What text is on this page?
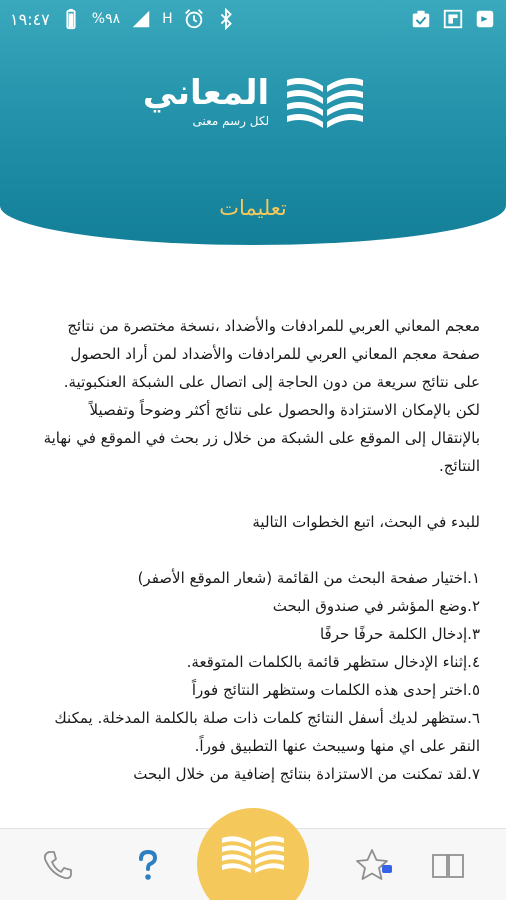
١٩:٤٧	%٩٨	H
المعاني
لكل رسم معنى
تعليمات

معجم المعاني العربي للمرادفات والأضداد ،نسخة مختصرة من نتائج صفحة معجم المعاني العربي للمرادفات والأضداد لمن أراد الحصول على نتائج سريعة من دون الحاجة إلى اتصال على الشبكة العنكبوتية. لكن بالإمكان الاستزادة والحصول على نتائج أكثر وضوحاً وتفصيلاً بالإنتقال إلى الموقع على الشبكة من خلال زر بحث في الموقع في نهاية النتائج.

للبدء في البحث، اتبع الخطوات التالية

١.اختيار صفحة البحث من القائمة (شعار الموقع الأصفر)

٢.وضع المؤشر في صندوق البحث

٣.إدخال الكلمة حرفًا حرفًا

٤.إثناء الإدخال ستظهر قائمة بالكلمات المتوقعة.

٥.اختر إحدى هذه الكلمات وستظهر النتائج فوراً

٦.ستظهر لديك أسفل النتائج كلمات ذات صلة بالكلمة المدخلة. يمكنك النقر على اي منها وسيبحث عنها التطبيق فوراً.

٧.لقد تمكنت من الاستزادة بنتائج إضافية من خلال البحث
